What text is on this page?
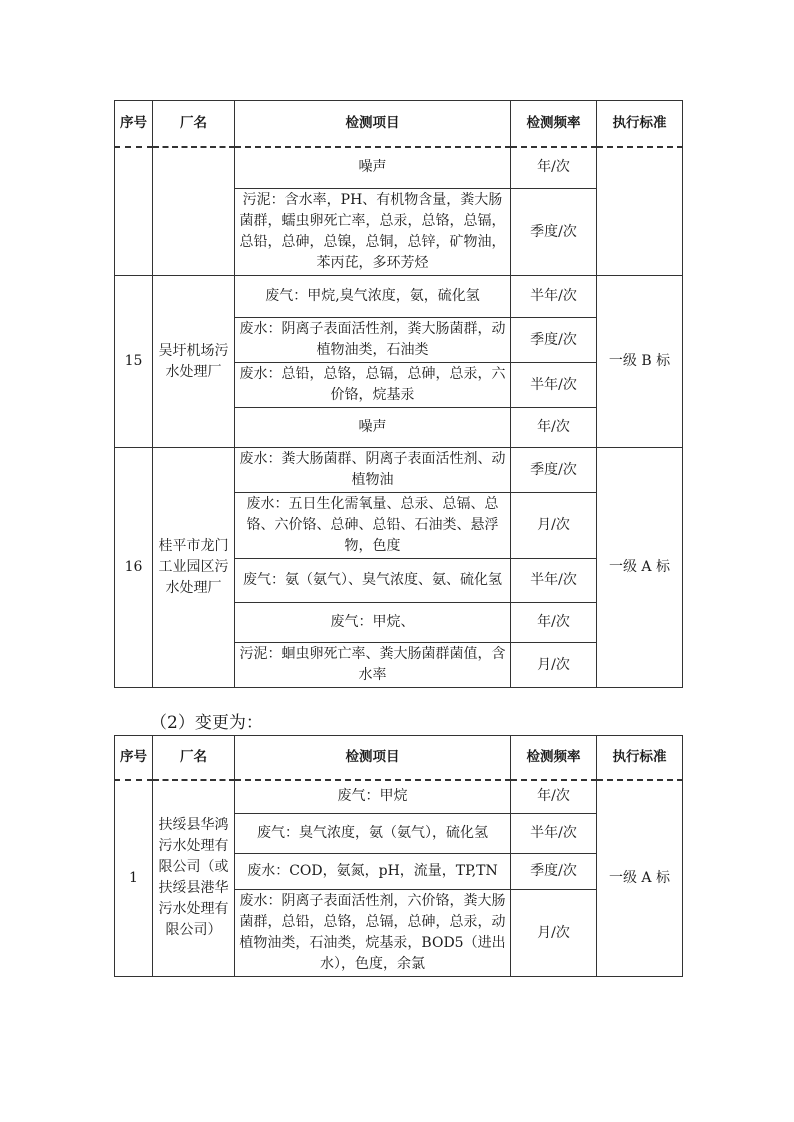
序号	厂名	检测项目	检测频率	执行标准
		噪声	年/次	
		污泥：含水率，PH、有机物含量，粪大肠菌群，蠕虫卵死亡率，总汞，总铬，总镉，总铅，总砷，总镍，总铜，总锌，矿物油，苯丙芘，多环芳烃	季度/次	
15	吴圩机场污水处理厂	废气：甲烷,臭气浓度，氨，硫化氢	半年/次	一级 B 标
		废水：阴离子表面活性剂，粪大肠菌群，动植物油类，石油类	季度/次	
		废水：总铅，总铬，总镉，总砷，总汞，六价铬，烷基汞	半年/次	
		噪声	年/次	
16	桂平市龙门工业园区污水处理厂	废水：粪大肠菌群、阴离子表面活性剂、动植物油	季度/次	一级 A 标
		废水：五日生化需氧量、总汞、总镉、总铬、六价铬、总砷、总铅、石油类、悬浮物，色度	月/次	
		废气：氨（氨气）、臭气浓度、氨、硫化氢	半年/次	
		废气：甲烷、	年/次	
		污泥：蛔虫卵死亡率、粪大肠菌群菌值，含水率	月/次	
（2）变更为：
序号	厂名	检测项目	检测频率	执行标准
1	扶绥县华鸿污水处理有限公司（或扶绥县港华污水处理有限公司）	废气：甲烷	年/次	一级 A 标
		废气：臭气浓度，氨（氨气），硫化氢	半年/次	
		废水：COD，氨氮，pH，流量，TP,TN	季度/次	
		废水：阴离子表面活性剂，六价铬，粪大肠菌群，总铅，总铬，总镉，总砷，总汞，动植物油类，石油类，烷基汞，BOD5（进出水），色度，余氯	月/次	
